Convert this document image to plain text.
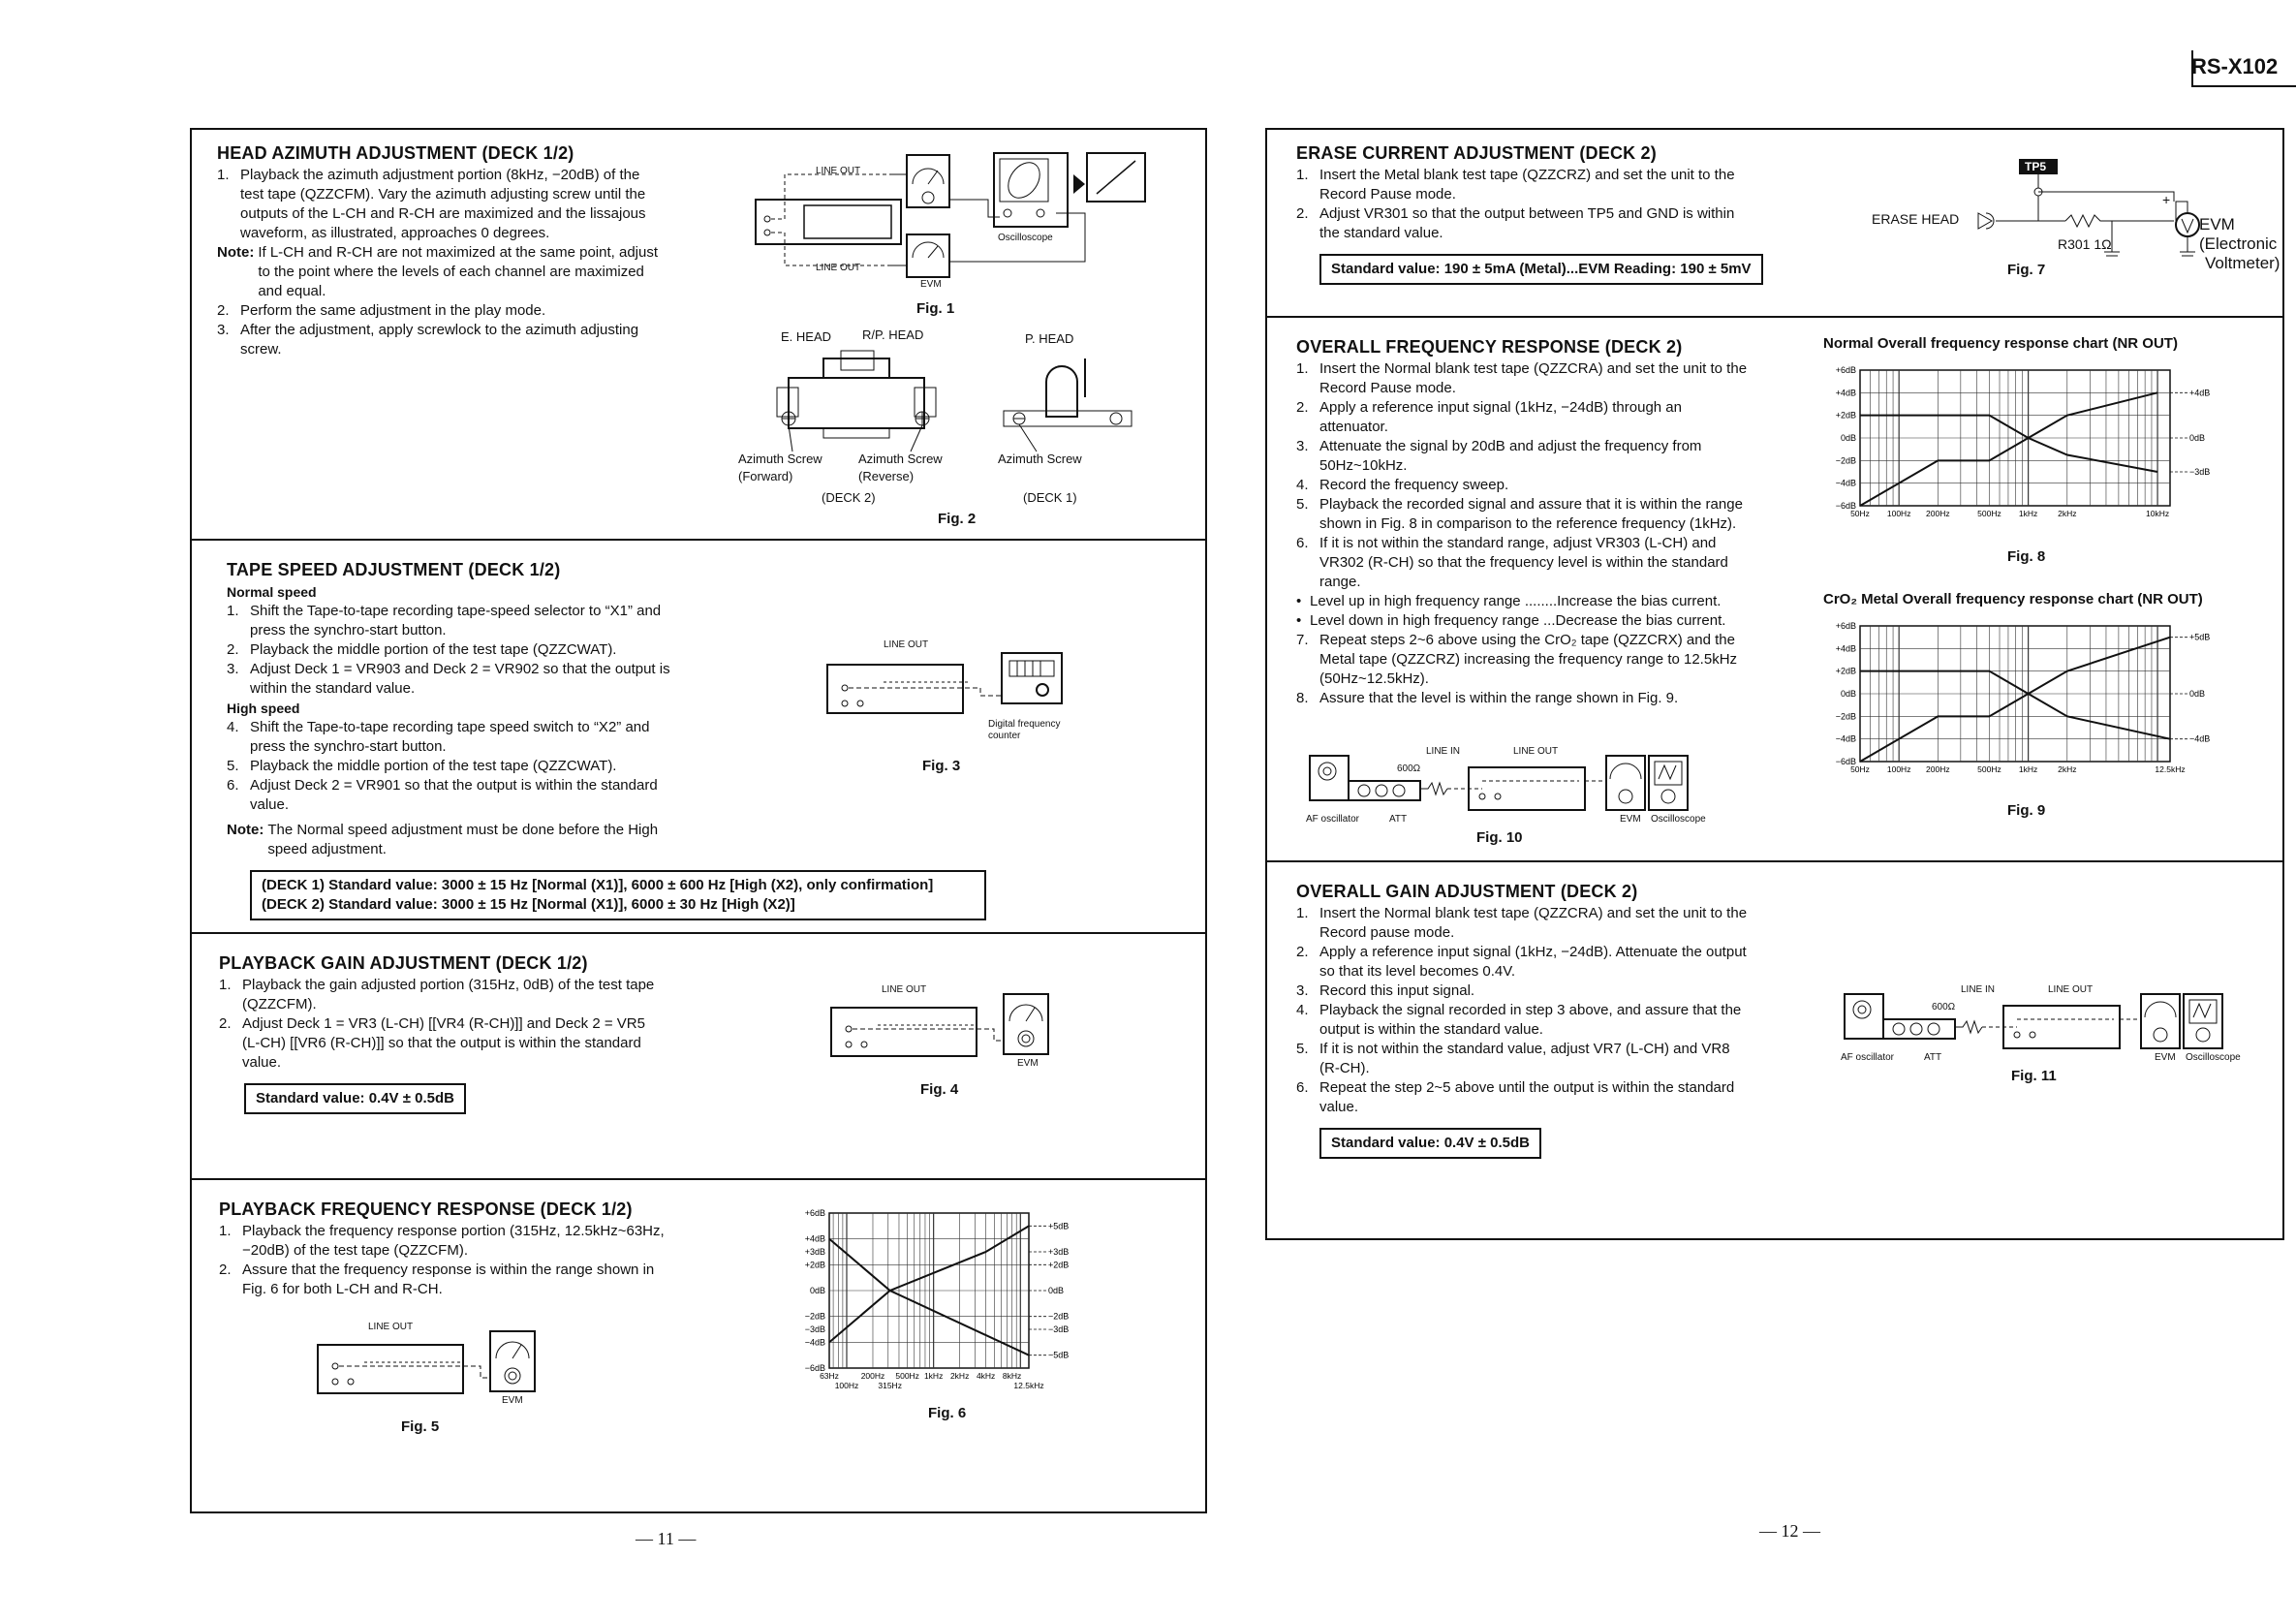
RS-X102
HEAD AZIMUTH ADJUSTMENT (DECK 1/2)
1. Playback the azimuth adjustment portion (8kHz, −20dB) of the test tape (QZZCFM). Vary the azimuth adjusting screw until the outputs of the L-CH and R-CH are maximized and the lissajous waveform, as illustrated, approaches 0 degrees.
Note: If L-CH and R-CH are not maximized at the same point, adjust to the point where the levels of each channel are maximized and equal.
2. Perform the same adjustment in the play mode.
3. After the adjustment, apply screwlock to the azimuth adjusting screw.
LINE OUT
LINE OUT
EVM
Oscilloscope
Fig. 1
E. HEAD R/P. HEAD	P. HEAD
Azimuth Screw
(Forward)
Azimuth Screw
(Reverse)
Azimuth Screw
(DECK 2)	(DECK 1)
Fig. 2
TAPE SPEED ADJUSTMENT (DECK 1/2)
Normal speed
1. Shift the Tape-to-tape recording tape-speed selector to “X1” and press the synchro-start button.
2. Playback the middle portion of the test tape (QZZCWAT).
3. Adjust Deck 1 = VR903 and Deck 2 = VR902 so that the output is within the standard value.
High speed
4. Shift the Tape-to-tape recording tape speed switch to “X2” and press the synchro-start button.
5. Playback the middle portion of the test tape (QZZCWAT).
6. Adjust Deck 2 = VR901 so that the output is within the standard value.
Note: The Normal speed adjustment must be done before the High speed adjustment.
(DECK 1) Standard value: 3000 ± 15 Hz [Normal (X1)], 6000 ± 600 Hz [High (X2), only confirmation]
(DECK 2) Standard value: 3000 ± 15 Hz [Normal (X1)], 6000 ± 30 Hz [High (X2)]
LINE OUT
Digital frequency
counter
Fig. 3
PLAYBACK GAIN ADJUSTMENT (DECK 1/2)
1. Playback the gain adjusted portion (315Hz, 0dB) of the test tape (QZZCFM).
2. Adjust Deck 1 = VR3 (L-CH) [[VR4 (R-CH)]] and Deck 2 = VR5 (L-CH) [[VR6 (R-CH)]] so that the output is within the standard value.
Standard value: 0.4V ± 0.5dB
LINE OUT
EVM
Fig. 4
PLAYBACK FREQUENCY RESPONSE (DECK 1/2)
1. Playback the frequency response portion (315Hz, 12.5kHz~63Hz, −20dB) of the test tape (QZZCFM).
2. Assure that the frequency response is within the range shown in Fig. 6 for both L-CH and R-CH.
LINE OUT
EVM
Fig. 5
+6dB
+4dB
+3dB
+2dB
0dB
−2dB
−3dB
−4dB
−6dB
+5dB
+3dB
+2dB
0dB
−2dB
−3dB
−5dB
63Hz
100Hz
200Hz
315Hz
500Hz 1kHz 2kHz 4kHz 8kHz
12.5kHz
Fig. 6
— 11 —
ERASE CURRENT ADJUSTMENT (DECK 2)
1. Insert the Metal blank test tape (QZZCRZ) and set the unit to the Record Pause mode.
2. Adjust VR301 so that the output between TP5 and GND is within the standard value.
Standard value: 190 ± 5mA (Metal)...EVM Reading: 190 ± 5mV
TP5
ERASE HEAD
R301 1Ω
+
EVM
(Electronic
Voltmeter)
Fig. 7
OVERALL FREQUENCY RESPONSE (DECK 2)
1. Insert the Normal blank test tape (QZZCRA) and set the unit to the Record Pause mode.
2. Apply a reference input signal (1kHz, −24dB) through an attenuator.
3. Attenuate the signal by 20dB and adjust the frequency from 50Hz~10kHz.
4. Record the frequency sweep.
5. Playback the recorded signal and assure that it is within the range shown in Fig. 8 in comparison to the reference frequency (1kHz).
6. If it is not within the standard range, adjust VR303 (L-CH) and VR302 (R-CH) so that the frequency level is within the standard range.
• Level up in high frequency range ........Increase the bias current.
• Level down in high frequency range ...Decrease the bias current.
7. Repeat steps 2~6 above using the CrO₂ tape (QZZCRX) and the Metal tape (QZZCRZ) increasing the frequency range to 12.5kHz (50Hz~12.5kHz).
8. Assure that the level is within the range shown in Fig. 9.
LINE IN	LINE OUT
600Ω
AF oscillator	ATT	EVM Oscilloscope
Fig. 10
Normal Overall frequency response chart (NR OUT)
+6dB
+4dB
+2dB
0dB
−2dB
−4dB
−6dB
+4dB
0dB
−3dB
50Hz 100Hz 200Hz	500Hz 1kHz 2kHz	10kHz
Fig. 8
CrO₂ Metal Overall frequency response chart (NR OUT)
+6dB
+4dB
+2dB
0dB
−2dB
−4dB
−6dB
+5dB
0dB
−4dB
50Hz 100Hz 200Hz	500Hz 1kHz 2kHz	12.5kHz
Fig. 9
OVERALL GAIN ADJUSTMENT (DECK 2)
1. Insert the Normal blank test tape (QZZCRA) and set the unit to the Record pause mode.
2. Apply a reference input signal (1kHz, −24dB). Attenuate the output so that its level becomes 0.4V.
3. Record this input signal.
4. Playback the signal recorded in step 3 above, and assure that the output is within the standard value.
5. If it is not within the standard value, adjust VR7 (L-CH) and VR8 (R-CH).
6. Repeat the step 2~5 above until the output is within the standard value.
Standard value: 0.4V ± 0.5dB
LINE IN	LINE OUT
600Ω
AF oscillator	ATT	EVM Oscilloscope
Fig. 11
— 12 —
